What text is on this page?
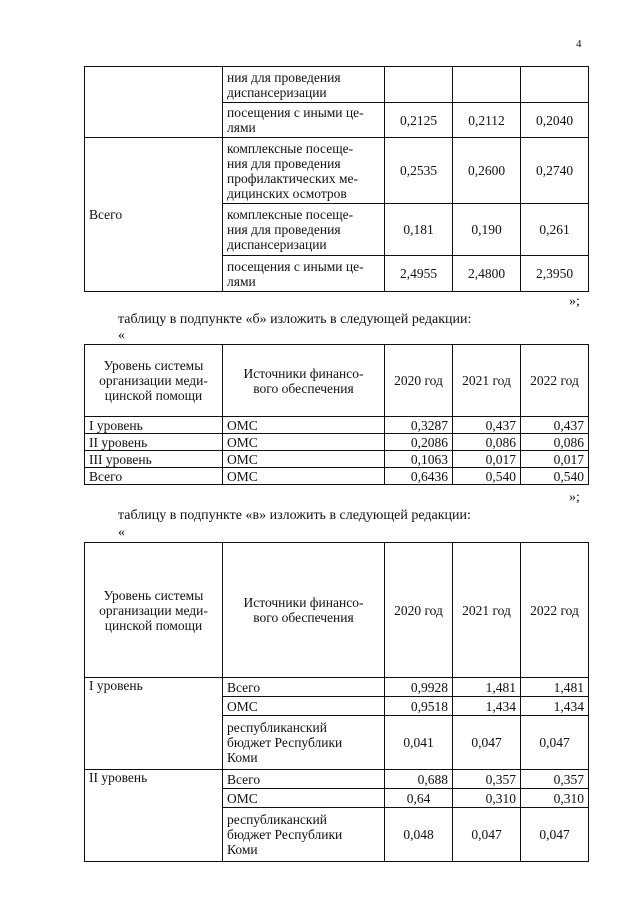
4

	ния для проведения
диспансеризации			

	посещения с иными це-
лями	0,2125	0,2112	0,2040
Всего	комплексные посеще-
ния для проведения
профилактических ме-
дицинских осмотров	0,2535	0,2600	0,2740

	комплексные посеще-
ния для проведения
диспансеризации	0,181	0,190	0,261

	посещения с иными це-
лями	2,4955	2,4800	2,3950
»;
таблицу в подпункте «б» изложить в следующей редакции:
«
Уровень системы
организации меди-
цинской помощи	Источники финансо-
вого обеспечения	2020 год	2021 год	2022 год
I уровень	ОМС	0,3287	0,437	0,437
II уровень	ОМС	0,2086	0,086	0,086
III уровень	ОМС	0,1063	0,017	0,017
Всего	ОМС	0,6436	0,540	0,540
»;
таблицу в подпункте «в» изложить в следующей редакции:
«
Уровень системы
организации меди-
цинской помощи	Источники финансо-
вого обеспечения	2020 год	2021 год	2022 год
I уровень	Всего	0,9928	1,481	1,481
	ОМС	0,9518	1,434	1,434

	республиканский
бюджет Республики
Коми	0,041	0,047	0,047
II уровень	Всего	0,688	0,357	0,357
	ОМС	0,64	0,310	0,310

	республиканский
бюджет Республики
Коми	0,048	0,047	0,047
